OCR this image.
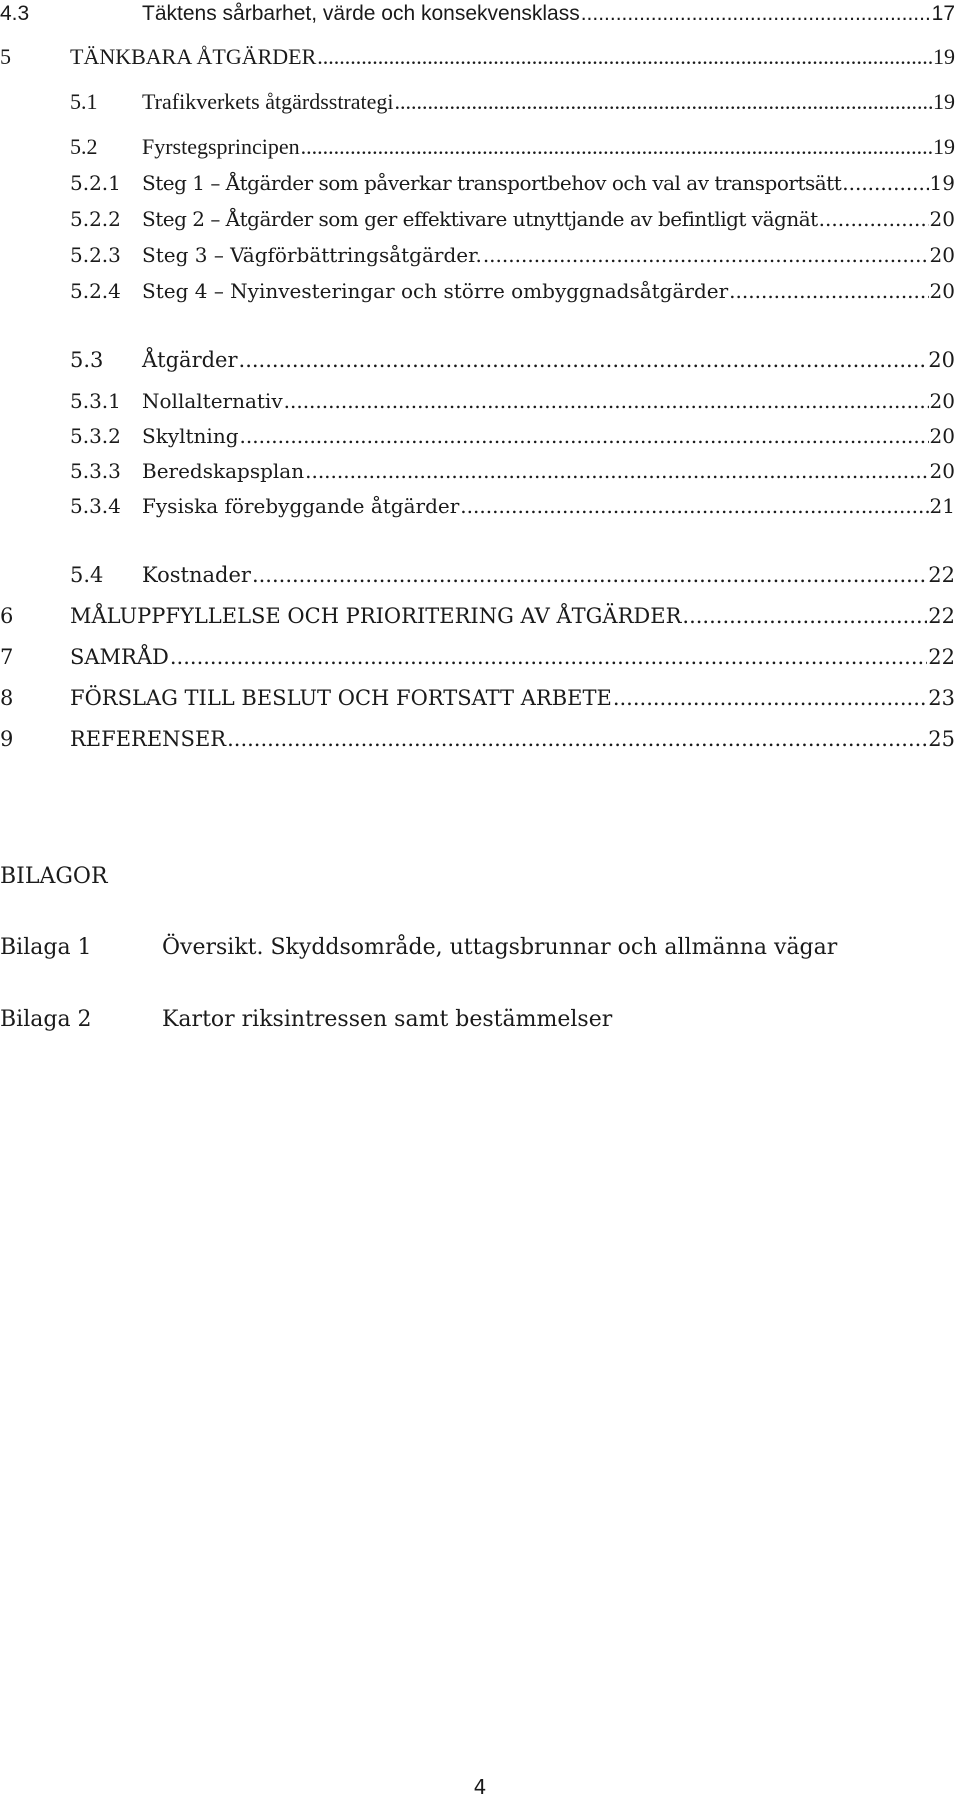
4.3	Täktens sårbarhet, värde och konsekvensklass .....	17
5	TÄNKBARA ÅTGÄRDER .....	19
5.1 Trafikverkets åtgärdsstrategi .....	19
5.2 Fyrstegsprincipen .....	19
5.2.1 Steg 1 – Åtgärder som påverkar transportbehov och val av transportsätt .....	19
5.2.2 Steg 2 – Åtgärder som ger effektivare utnyttjande av befintligt vägnät .....	20
5.2.3 Steg 3 – Vägförbättringsåtgärder. .....	20
5.2.4 Steg 4 – Nyinvesteringar och större ombyggnadsåtgärder .....	20
5.3 Åtgärder .....	20
5.3.1 Nollalternativ .....	20
5.3.2 Skyltning .....	20
5.3.3 Beredskapsplan .....	20
5.3.4 Fysiska förebyggande åtgärder .....	21
5.4 Kostnader .....	22
6	MÅLUPPFYLLELSE OCH PRIORITERING AV ÅTGÄRDER .....	22
7	SAMRÅD .....	22
8	FÖRSLAG TILL BESLUT OCH FORTSATT ARBETE .....	23
9	REFERENSER .....	25
BILAGOR
Bilaga 1	Översikt. Skyddsområde, uttagsbrunnar och allmänna vägar
Bilaga 2	Kartor riksintressen samt bestämmelser
4
